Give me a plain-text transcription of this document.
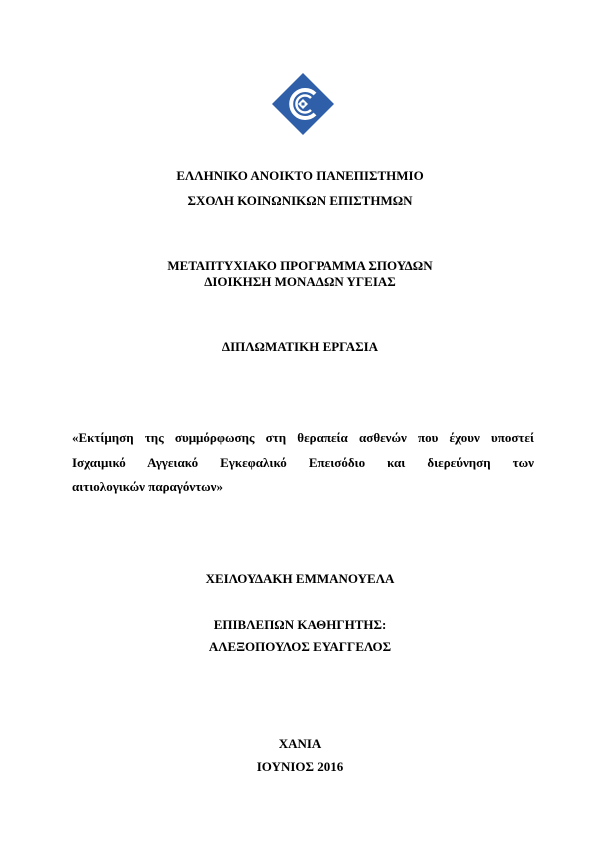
ΕΛΛΗΝΙΚΟ ΑΝΟΙΚΤΟ ΠΑΝΕΠΙΣΤΗΜΙΟ
ΣΧΟΛΗ ΚΟΙΝΩΝΙΚΩΝ ΕΠΙΣΤΗΜΩΝ
ΜΕΤΑΠΤΥΧΙΑΚΟ ΠΡΟΓΡΑΜΜΑ ΣΠΟΥΔΩΝ
ΔΙΟΙΚΗΣΗ ΜΟΝΑΔΩΝ ΥΓΕΙΑΣ
ΔΙΠΛΩΜΑΤΙΚΗ ΕΡΓΑΣΙΑ
«Εκτίμηση της συμμόρφωσης στη θεραπεία ασθενών που έχουν υποστεί
Ισχαιμικό Αγγειακό Εγκεφαλικό Επεισόδιο και διερεύνηση των
αιτιολογικών παραγόντων»
ΧΕΙΛΟΥΔΑΚΗ ΕΜΜΑΝΟΥΕΛΑ
ΕΠΙΒΛΕΠΩΝ ΚΑΘΗΓΗΤΗΣ:
ΑΛΕΞΟΠΟΥΛΟΣ ΕΥΑΓΓΕΛΟΣ
ΧΑΝΙΑ
ΙΟΥΝΙΟΣ 2016
